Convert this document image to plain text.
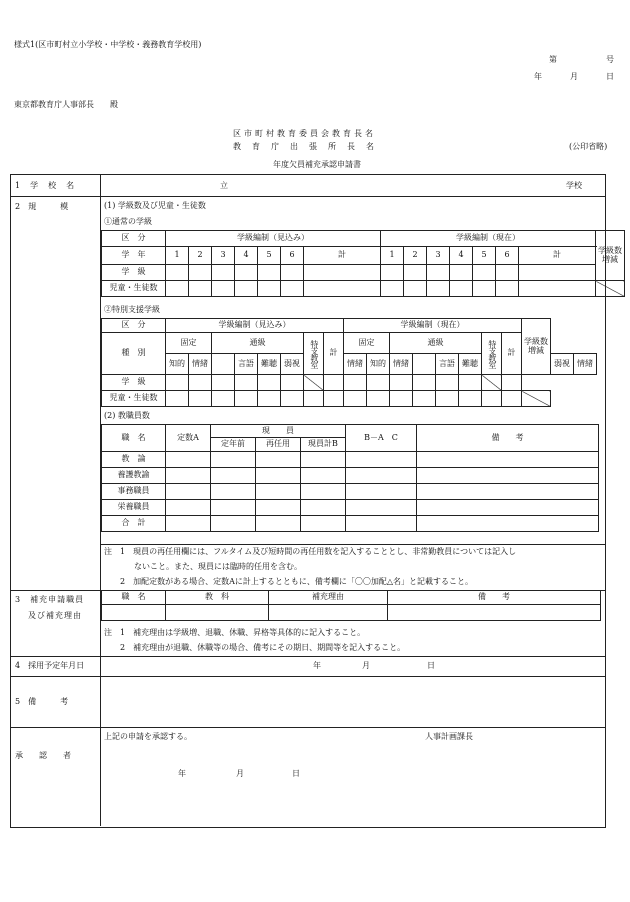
様式1(区市町村立小学校・中学校・義務教育学校用)
第	号
年	月	日
東京都教育庁人事部長　　殿
区市町村教育委員会教育長名
教育庁出張所長名	(公印省略)
年度欠員補充承認申請書
1　学　校　名	立	学校
2　規　　　模	(1) 学級数及び児童・生徒数
①通常の学級
区　分	学級編制（見込み）							学級編制（現在）							学級数増減
学　年	1	2	3	4	5	6	計	1	2	3	4	5	6	計	
学　級															
児童・生徒数															
②特別支援学級
区　分	学級編制（見込み）								学級編制（現在）								学級数増減		
種　別	固定		通級				特支教室	計	固定		通級				特支教室	計			
	知的	情緒		言語	難聴	弱視			情緒	知的	情緒		言語	難聴				弱視	情緒
学　級																			
児童・生徒数																			
(2) 教職員数
職　名	定数A	現　　員			B－A　C	備　　考
		定年前	再任用	現員計B		
教　論						
養護教諭						
事務職員						
栄養職員						
合　計						
注　1　現員の再任用欄には、フルタイム及び短時間の再任用数を記入することとし、非常勤教員については記入し
ないこと。また、現員には臨時的任用を含む。
2　加配定数がある場合、定数Aに計上するとともに、備考欄に「〇〇加配△名」と記載すること。
3　補充申請職員
及び補充理由
職　名	教　科	補充理由	備　　考

注　1　補充理由は学級増、退職、休職、昇格等具体的に記入すること。
2　補充理由が退職、休職等の場合、備考にその期日、期間等を記入すること。
4　採用予定年月日	年	月	日
5　備　　　考
承　　認　　者
上記の申請を承認する。	人事計画課長
年	月	日
